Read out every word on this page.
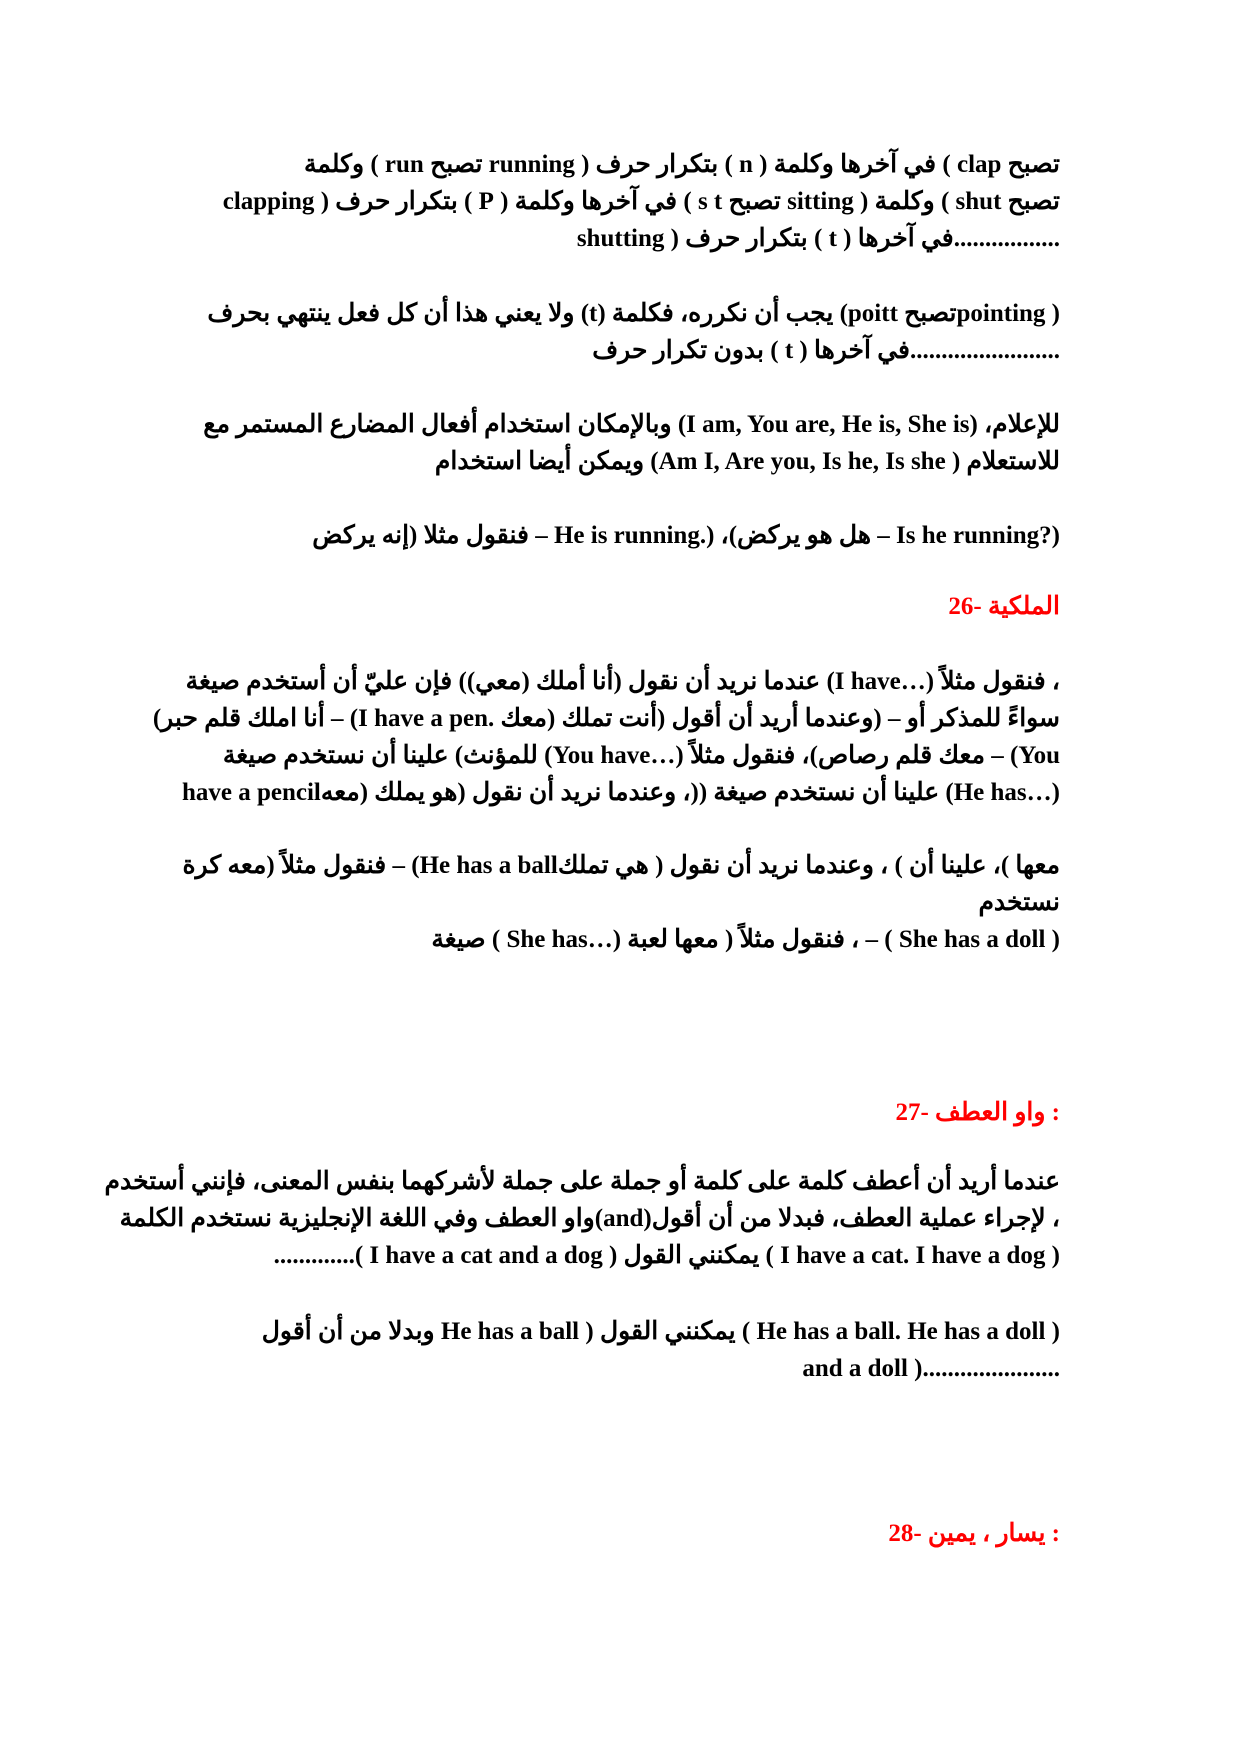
تصبح clap ) في آخرها وكلمة ( n ) بتكرار حرف ( running تصبح run ) وكلمة
تصبح shut ) وكلمة ( sitting تصبح s t ) في آخرها وكلمة ( P ) بتكرار حرف ( clapping
.................في آخرها ( t ) بتكرار حرف ( shutting
( pointingتصبح poitt) يجب أن نكرره، فكلمة (t) ولا يعني هذا أن كل فعل ينتهي بحرف
........................في آخرها ( t ) بدون تكرار حرف
للإعلام، (I am, You are, He is, She is) وبالإمكان استخدام أفعال المضارع المستمر مع
للاستعلام ( Am I, Are you, Is he, Is she) ويمكن أيضا استخدام
(?Is he running – هل هو يركض)، (.He is running – فنقول مثلا (إنه يركض
الملكية -26
، فنقول مثلاً (…I have) عندما نريد أن نقول (أنا أملك (معي)) فإن عليّ أن أستخدم صيغة
سواءً للمذكر أو – (وعندما أريد أن أقول (أنت تملك (معك .I have a pen) – أنا املك قلم حبر)
You) – معك قلم رصاص)، فنقول مثلاً (…You have) للمؤنث) علينا أن نستخدم صيغة
(…He has) علينا أن نستخدم صيغة ((، وعندما نريد أن نقول (هو يملك (معهhave a pencil
معها )، علينا أن ) ، وعندما نريد أن نقول ( هي تملكHe has a ball) – فنقول مثلاً (معه كرة
نستخدم
( She has a doll ) – ، فنقول مثلاً ( معها لعبة (…She has ) صيغة
: واو العطف -27
عندما أريد أن أعطف كلمة على كلمة أو جملة على جملة لأشركهما بنفس المعنى، فإنني أستخدم
، لإجراء عملية العطف، فبدلا من أن أقول(and)واو العطف وفي اللغة الإنجليزية نستخدم الكلمة
( I have a cat. I have a dog ) يمكنني القول ( I have a cat and a dog ).............
( He has a ball. He has a doll ) يمكنني القول ( He has a ball وبدلا من أن أقول
......................( and a doll
: يسار ، يمين -28
